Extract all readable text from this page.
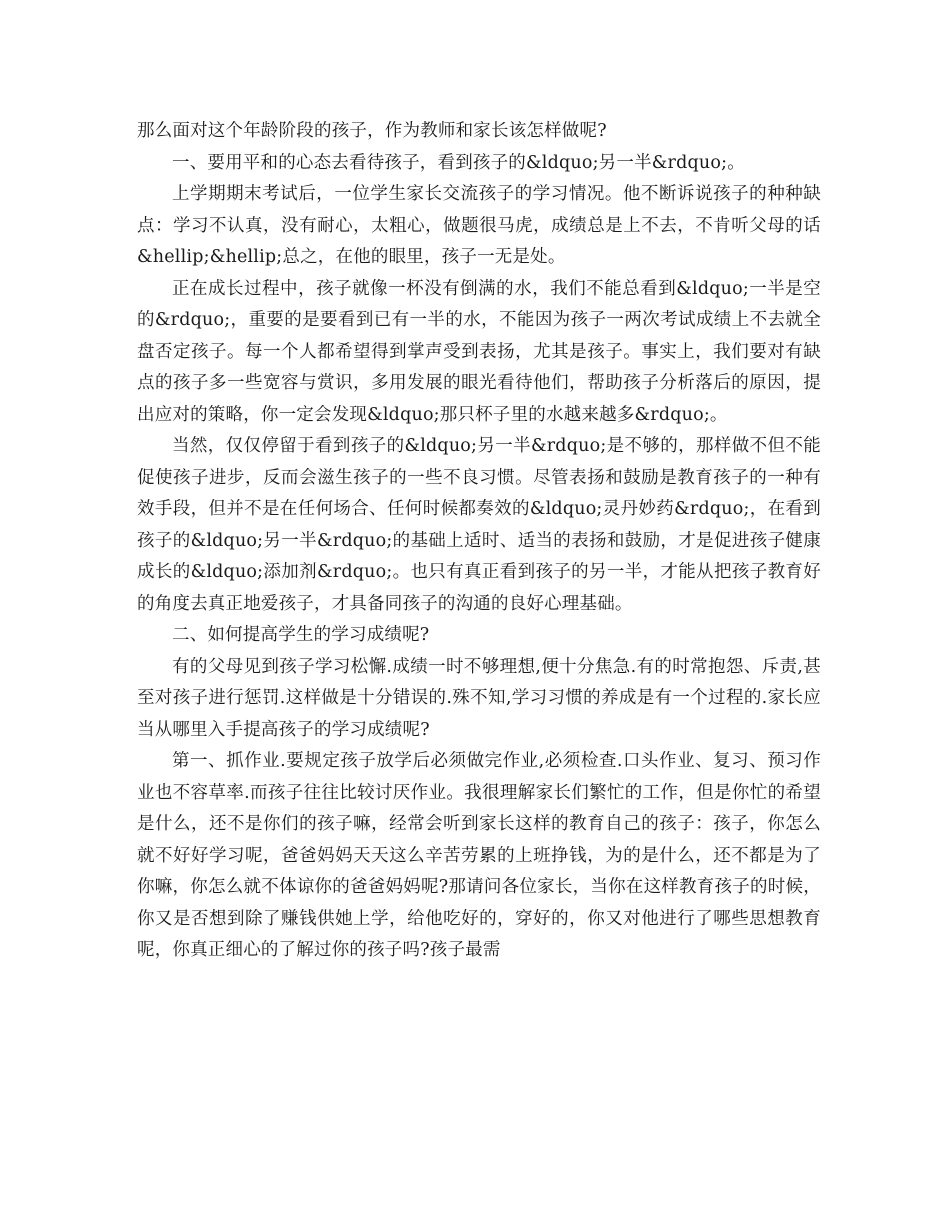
那么面对这个年龄阶段的孩子，作为教师和家长该怎样做呢?

一、要用平和的心态去看待孩子，看到孩子的&ldquo;另一半&rdquo;。

上学期期末考试后，一位学生家长交流孩子的学习情况。他不断诉说孩子的种种缺点：学习不认真，没有耐心，太粗心，做题很马虎，成绩总是上不去，不肯听父母的话&hellip;&hellip;总之，在他的眼里，孩子一无是处。

正在成长过程中，孩子就像一杯没有倒满的水，我们不能总看到&ldquo;一半是空的&rdquo;，重要的是要看到已有一半的水，不能因为孩子一两次考试成绩上不去就全盘否定孩子。每一个人都希望得到掌声受到表扬，尤其是孩子。事实上，我们要对有缺点的孩子多一些宽容与赏识，多用发展的眼光看待他们，帮助孩子分析落后的原因，提出应对的策略，你一定会发现&ldquo;那只杯子里的水越来越多&rdquo;。

当然，仅仅停留于看到孩子的&ldquo;另一半&rdquo;是不够的，那样做不但不能促使孩子进步，反而会滋生孩子的一些不良习惯。尽管表扬和鼓励是教育孩子的一种有效手段，但并不是在任何场合、任何时候都奏效的&ldquo;灵丹妙药&rdquo;，在看到孩子的&ldquo;另一半&rdquo;的基础上适时、适当的表扬和鼓励，才是促进孩子健康成长的&ldquo;添加剂&rdquo;。也只有真正看到孩子的另一半，才能从把孩子教育好的角度去真正地爱孩子，才具备同孩子的沟通的良好心理基础。

二、如何提高学生的学习成绩呢?

有的父母见到孩子学习松懈.成绩一时不够理想,便十分焦急.有的时常抱怨、斥责,甚至对孩子进行惩罚.这样做是十分错误的.殊不知,学习习惯的养成是有一个过程的.家长应当从哪里入手提高孩子的学习成绩呢?

第一、抓作业.要规定孩子放学后必须做完作业,必须检查.口头作业、复习、预习作业也不容草率.而孩子往往比较讨厌作业。我很理解家长们繁忙的工作，但是你忙的希望是什么，还不是你们的孩子嘛，经常会听到家长这样的教育自己的孩子：孩子，你怎么就不好好学习呢，爸爸妈妈天天这么辛苦劳累的上班挣钱，为的是什么，还不都是为了你嘛，你怎么就不体谅你的爸爸妈妈呢?那请问各位家长，当你在这样教育孩子的时候，你又是否想到除了赚钱供她上学，给他吃好的，穿好的，你又对他进行了哪些思想教育呢，你真正细心的了解过你的孩子吗?孩子最需
